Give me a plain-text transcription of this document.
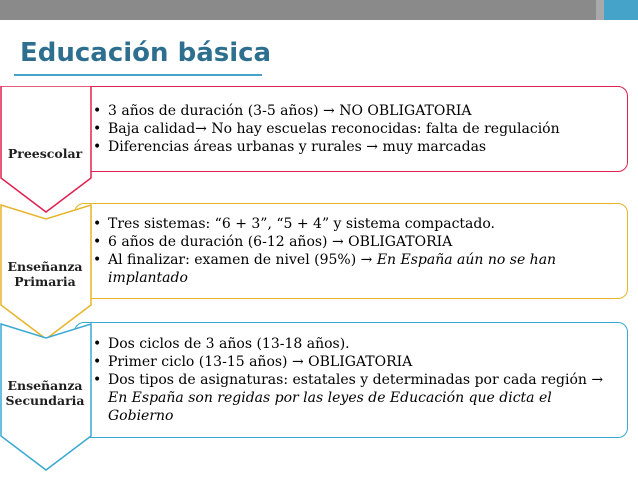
Educación básica
• 3 años de duración (3-5 años) → NO OBLIGATORIA
• Baja calidad→ No hay escuelas reconocidas: falta de regulación
• Diferencias áreas urbanas y rurales → muy marcadas
Preescolar
• Tres sistemas: “6 + 3”, “5 + 4” y sistema compactado.
• 6 años de duración (6-12 años) → OBLIGATORIA
• Al finalizar: examen de nivel (95%) → En España aún no se han implantado
Enseñanza
Primaria
• Dos ciclos de 3 años (13-18 años).
• Primer ciclo (13-15 años) → OBLIGATORIA
• Dos tipos de asignaturas: estatales y determinadas por cada región → En España son regidas por las leyes de Educación que dicta el Gobierno
Enseñanza
Secundaria
